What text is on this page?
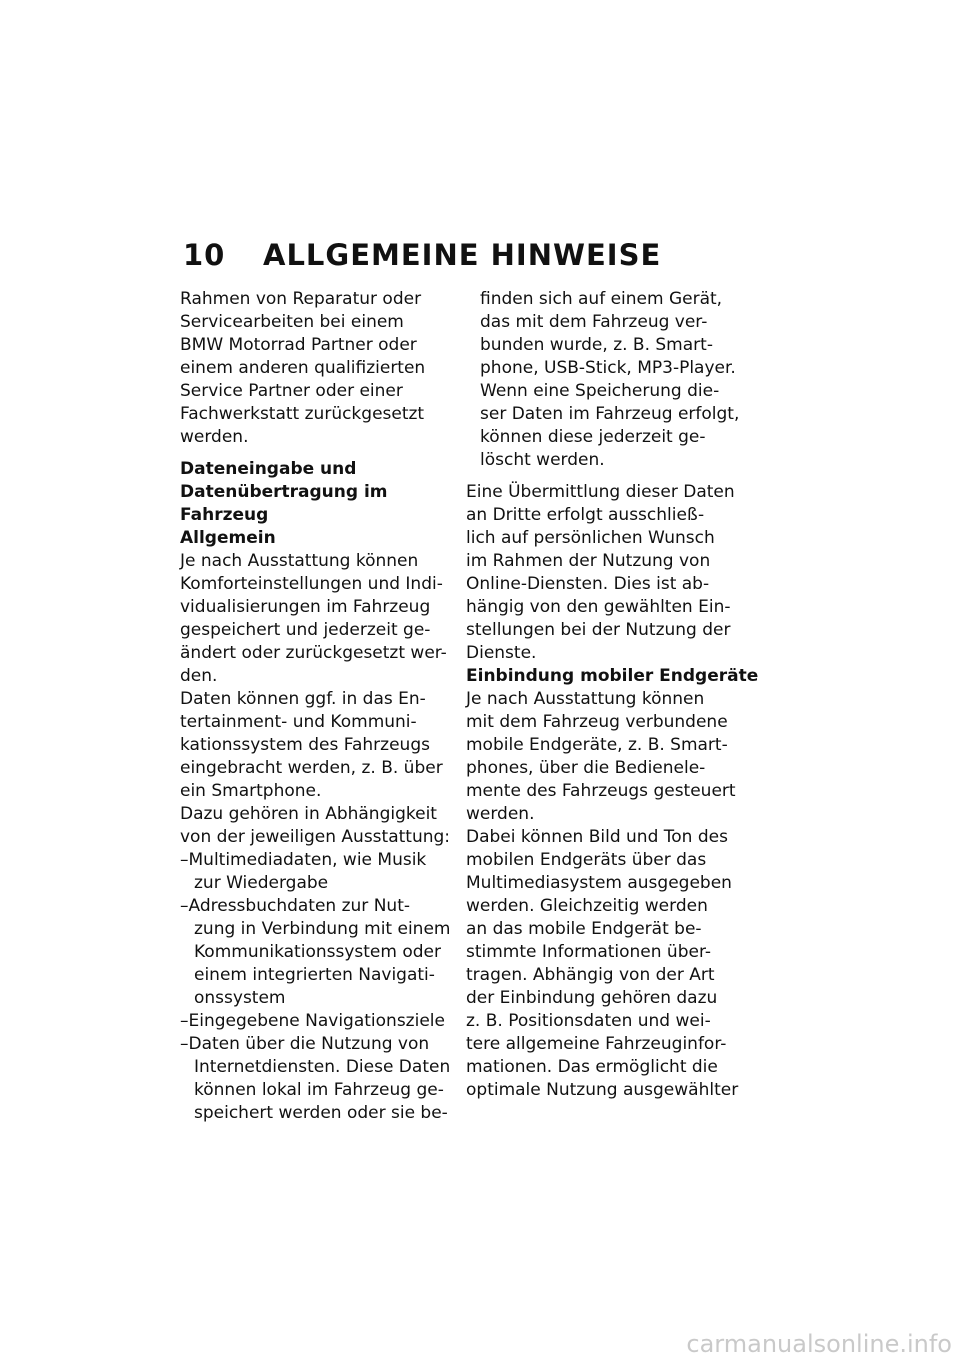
10 ALLGEMEINE HINWEISE
Rahmen von Reparatur oder
Servicearbeiten bei einem
BMW Motorrad Partner oder
einem anderen qualifizierten
Service Partner oder einer
Fachwerkstatt zurückgesetzt
werden.
Dateneingabe und
Datenübertragung im
Fahrzeug
Allgemein
Je nach Ausstattung können
Komforteinstellungen und Indi-
vidualisierungen im Fahrzeug
gespeichert und jederzeit ge-
ändert oder zurückgesetzt wer-
den.
Daten können ggf. in das En-
tertainment- und Kommuni-
kationssystem des Fahrzeugs
eingebracht werden, z. B. über
ein Smartphone.
Dazu gehören in Abhängigkeit
von der jeweiligen Ausstattung:
– Multimediadaten, wie Musik
zur Wiedergabe
– Adressbuchdaten zur Nut-
zung in Verbindung mit einem
Kommunikationssystem oder
einem integrierten Navigati-
onssystem
– Eingegebene Navigationsziele
– Daten über die Nutzung von
Internetdiensten. Diese Daten
können lokal im Fahrzeug ge-
speichert werden oder sie be-
finden sich auf einem Gerät,
das mit dem Fahrzeug ver-
bunden wurde, z. B. Smart-
phone, USB-Stick, MP3-Player.
Wenn eine Speicherung die-
ser Daten im Fahrzeug erfolgt,
können diese jederzeit ge-
löscht werden.
Eine Übermittlung dieser Daten
an Dritte erfolgt ausschließ-
lich auf persönlichen Wunsch
im Rahmen der Nutzung von
Online-Diensten. Dies ist ab-
hängig von den gewählten Ein-
stellungen bei der Nutzung der
Dienste.
Einbindung mobiler Endgeräte
Je nach Ausstattung können
mit dem Fahrzeug verbundene
mobile Endgeräte, z. B. Smart-
phones, über die Bedienele-
mente des Fahrzeugs gesteuert
werden.
Dabei können Bild und Ton des
mobilen Endgeräts über das
Multimediasystem ausgegeben
werden. Gleichzeitig werden
an das mobile Endgerät be-
stimmte Informationen über-
tragen. Abhängig von der Art
der Einbindung gehören dazu
z. B. Positionsdaten und wei-
tere allgemeine Fahrzeuginfor-
mationen. Das ermöglicht die
optimale Nutzung ausgewählter
carmanualsonline.info
